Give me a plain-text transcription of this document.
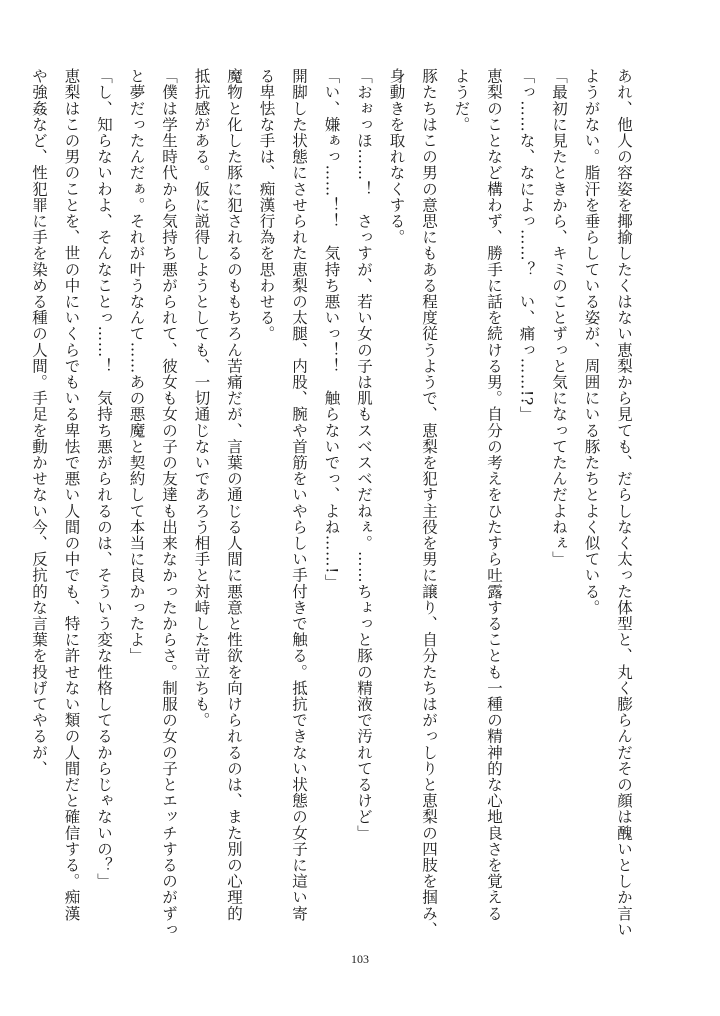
あれ、他人の容姿を揶揄したくはない恵梨から見ても、だらしなく太った体型と、丸く膨らんだその顔は醜いとしか言い
ようがない。脂汗を垂らしている姿が、周囲にいる豚たちとよく似ている。
「最初に見たときから、キミのことずっと気になってたんだよねぇ」
「っ……な、なによっ……？　い、痛っ……!?」
恵梨のことなど構わず、勝手に話を続ける男。自分の考えをひたすら吐露することも一種の精神的な心地良さを覚える
ようだ。
豚たちはこの男の意思にもある程度従うようで、恵梨を犯す主役を男に譲り、自分たちはがっしりと恵梨の四肢を掴み、
身動きを取れなくする。
「おぉっほ……！　さっすが、若い女の子は肌もスベスベだねぇ。……ちょっと豚の精液で汚れてるけど」
「い、嫌ぁっ……！！　気持ち悪いっ！！　触らないでっ、よね……!」
開脚した状態にさせられた恵梨の太腿、内股、腕や首筋をいやらしい手付きで触る。抵抗できない状態の女子に這い寄
る卑怯な手は、痴漢行為を思わせる。
魔物と化した豚に犯されるのももちろん苦痛だが、言葉の通じる人間に悪意と性欲を向けられるのは、また別の心理的
抵抗感がある。仮に説得しようとしても、一切通じないであろう相手と対峙した苛立ちも。
「僕は学生時代から気持ち悪がられて、彼女も女の子の友達も出来なかったからさ。制服の女の子とエッチするのがずっ
と夢だったんだぁ。それが叶うなんて……あの悪魔と契約して本当に良かったよ」
「し、知らないわよ、そんなことっ……！　気持ち悪がられるのは、そういう変な性格してるからじゃないの？」
恵梨はこの男のことを、世の中にいくらでもいる卑怯で悪い人間の中でも、特に許せない類の人間だと確信する。痴漢
や強姦など、性犯罪に手を染める種の人間。手足を動かせない今、反抗的な言葉を投げてやるが、
103
